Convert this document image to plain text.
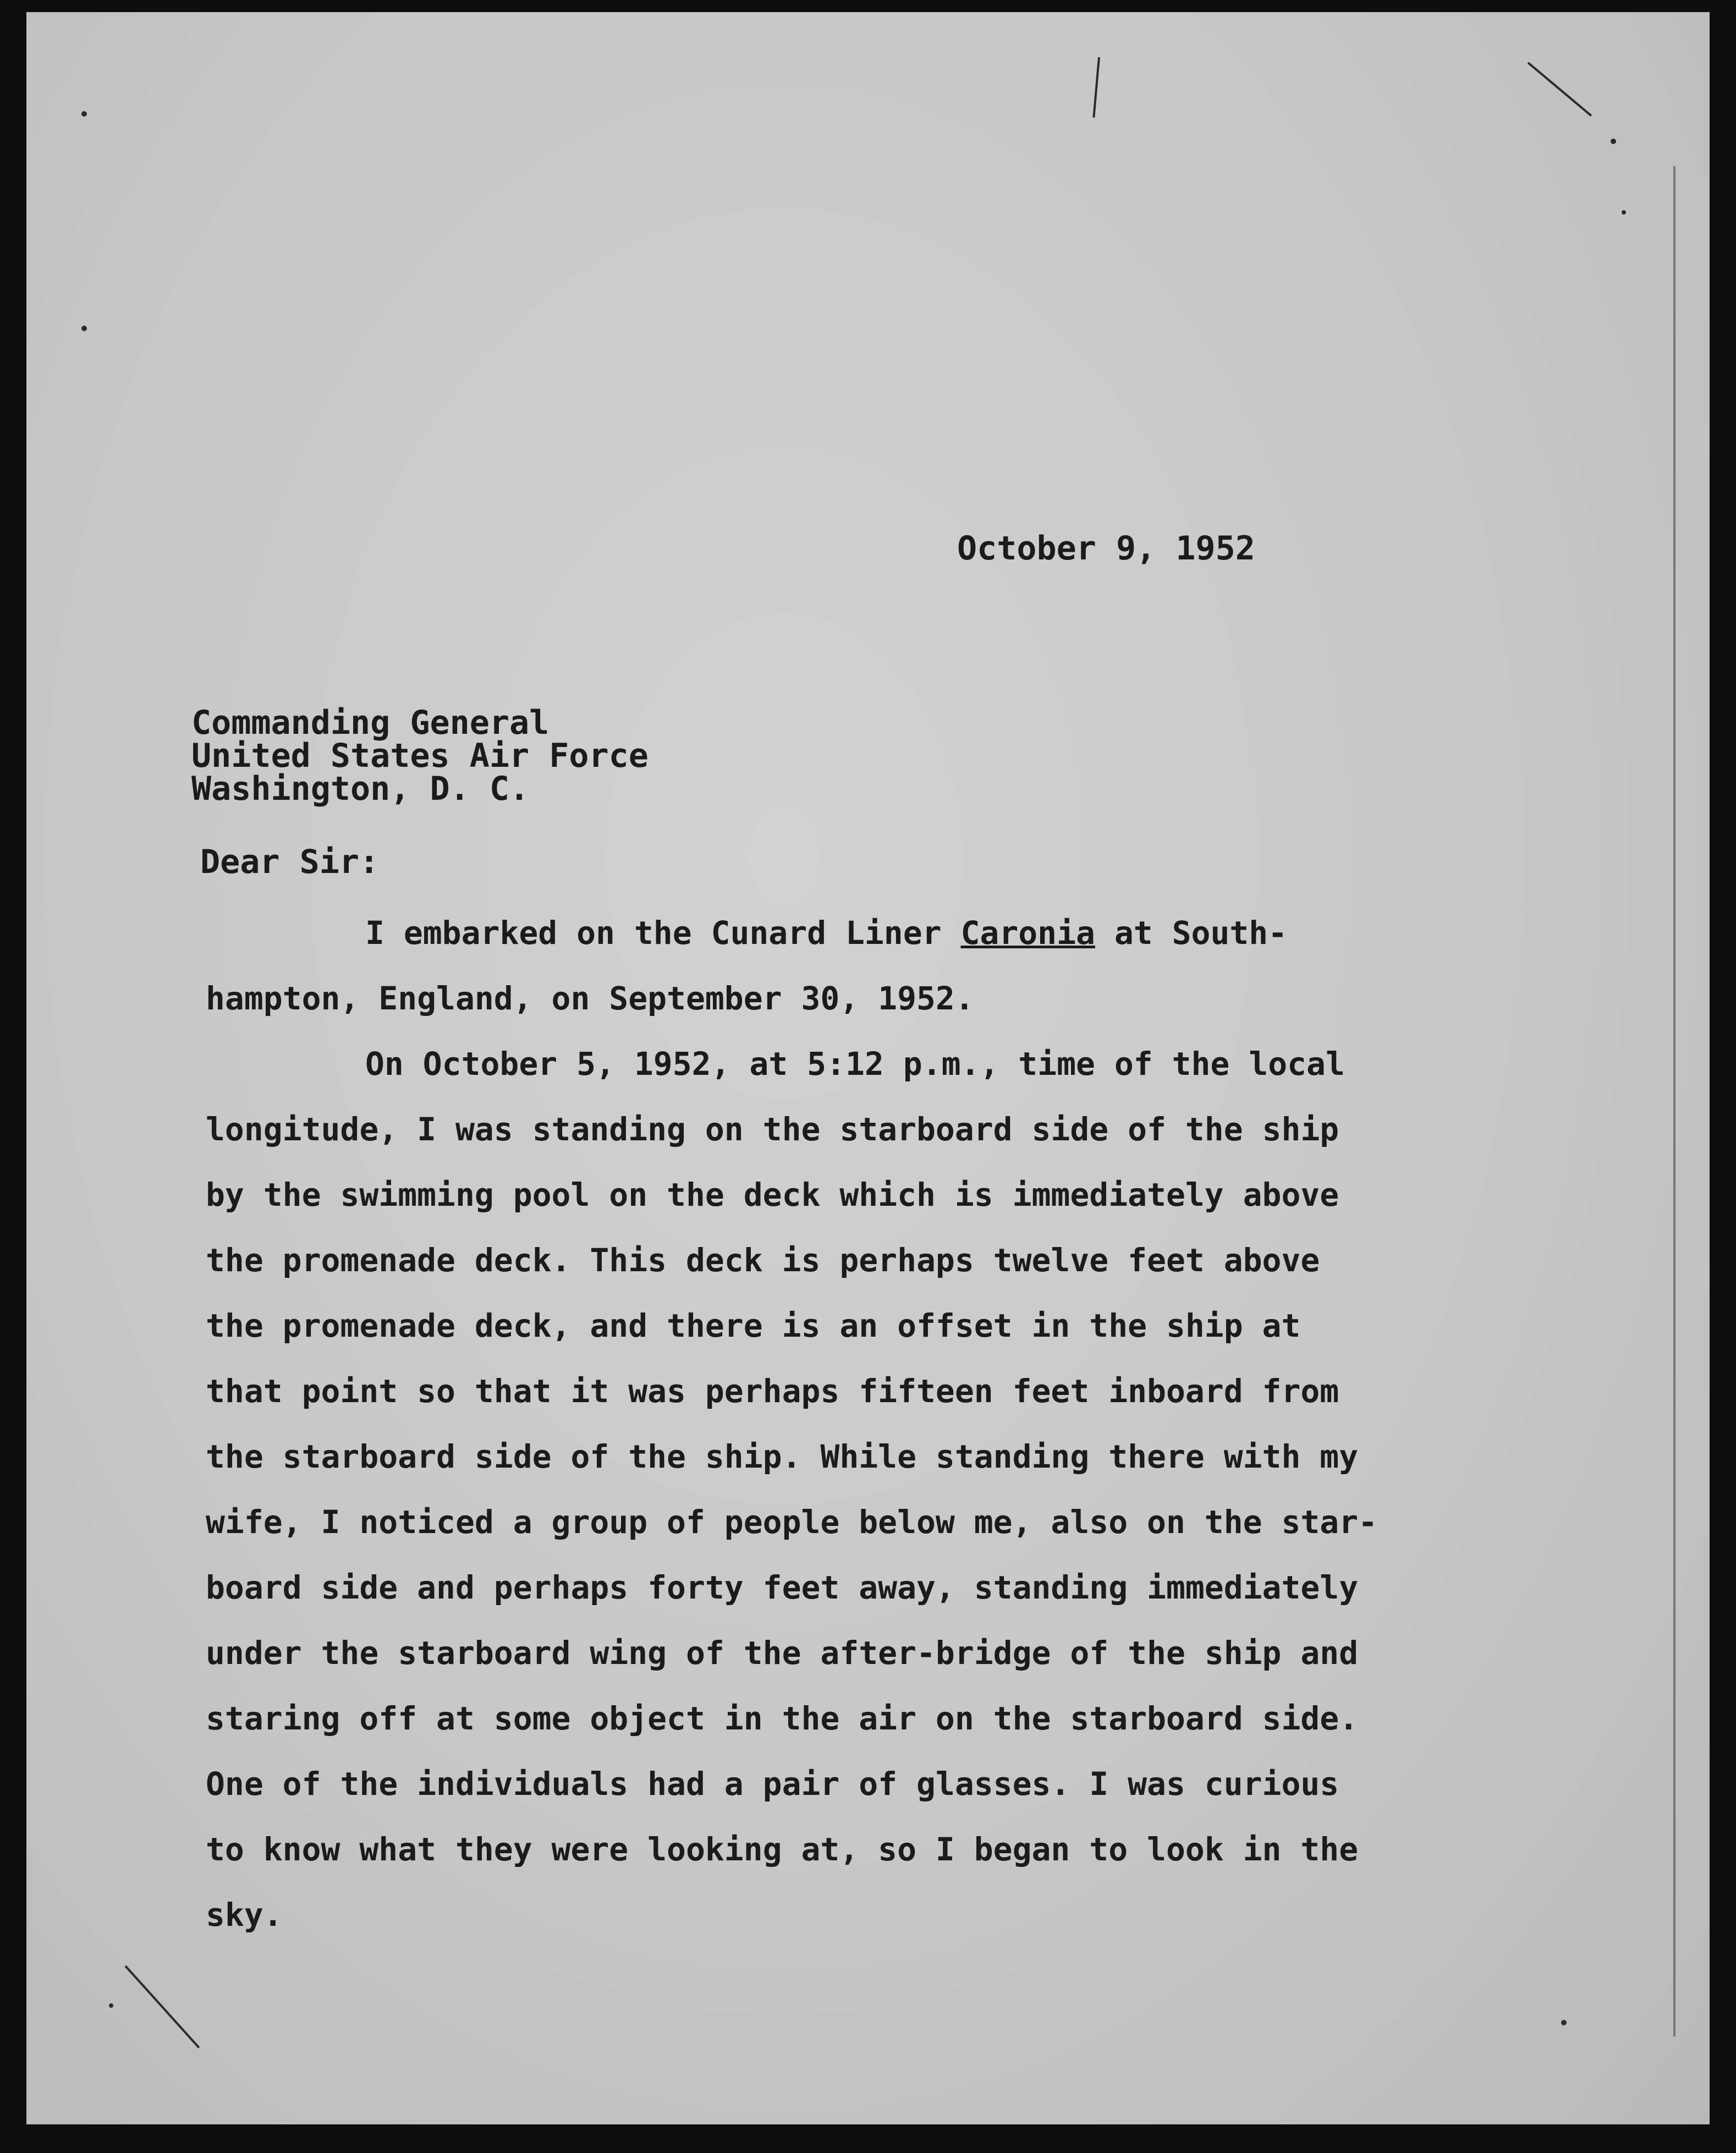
October 9, 1952
Commanding General
United States Air Force
Washington, D. C.
Dear Sir:
I embarked on the Cunard Liner Caronia at South-
hampton, England, on September 30, 1952.
On October 5, 1952, at 5:12 p.m., time of the local
longitude, I was standing on the starboard side of the ship
by the swimming pool on the deck which is immediately above
the promenade deck. This deck is perhaps twelve feet above
the promenade deck, and there is an offset in the ship at
that point so that it was perhaps fifteen feet inboard from
the starboard side of the ship. While standing there with my
wife, I noticed a group of people below me, also on the star-
board side and perhaps forty feet away, standing immediately
under the starboard wing of the after-bridge of the ship and
staring off at some object in the air on the starboard side.
One of the individuals had a pair of glasses. I was curious
to know what they were looking at, so I began to look in the
sky.
